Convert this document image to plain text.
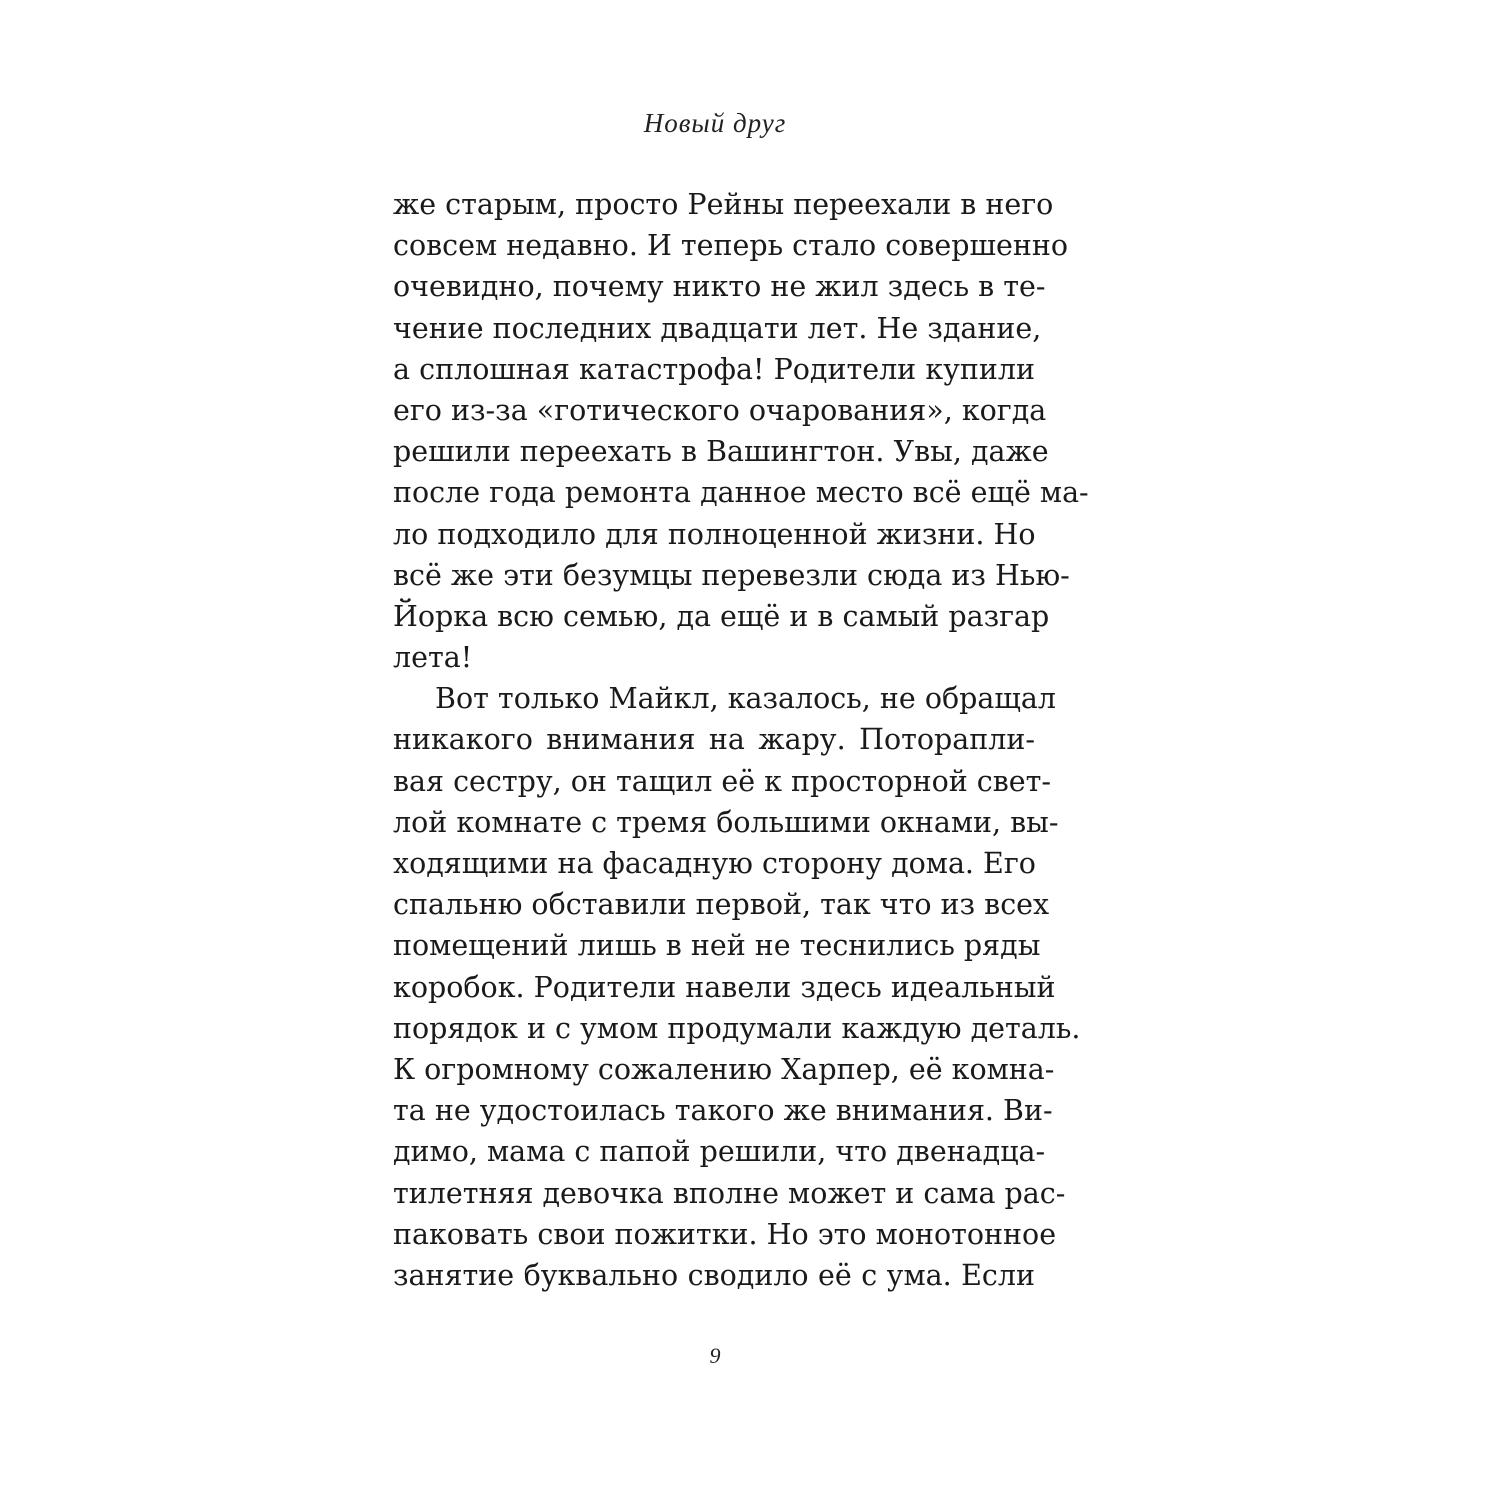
Новый друг
же старым, просто Рейны переехали в него
совсем недавно. И теперь стало совершенно
очевидно, почему никто не жил здесь в те-
чение последних двадцати лет. Не здание,
а сплошная катастрофа! Родители купили
его из-за «готического очарования», когда
решили переехать в Вашингтон. Увы, даже
после года ремонта данное место всё ещё ма-
ло подходило для полноценной жизни. Но
всё же эти безумцы перевезли сюда из Нью-
Йорка всю семью, да ещё и в самый разгар
лета!
Вот только Майкл, казалось, не обращал
никакого внимания на жару. Поторапли-
вая сестру, он тащил её к просторной свет-
лой комнате с тремя большими окнами, вы-
ходящими на фасадную сторону дома. Его
спальню обставили первой, так что из всех
помещений лишь в ней не теснились ряды
коробок. Родители навели здесь идеальный
порядок и с умом продумали каждую деталь.
К огромному сожалению Харпер, её комна-
та не удостоилась такого же внимания. Ви-
димо, мама с папой решили, что двенадца-
тилетняя девочка вполне может и сама рас-
паковать свои пожитки. Но это монотонное
занятие буквально сводило её с ума. Если
9
